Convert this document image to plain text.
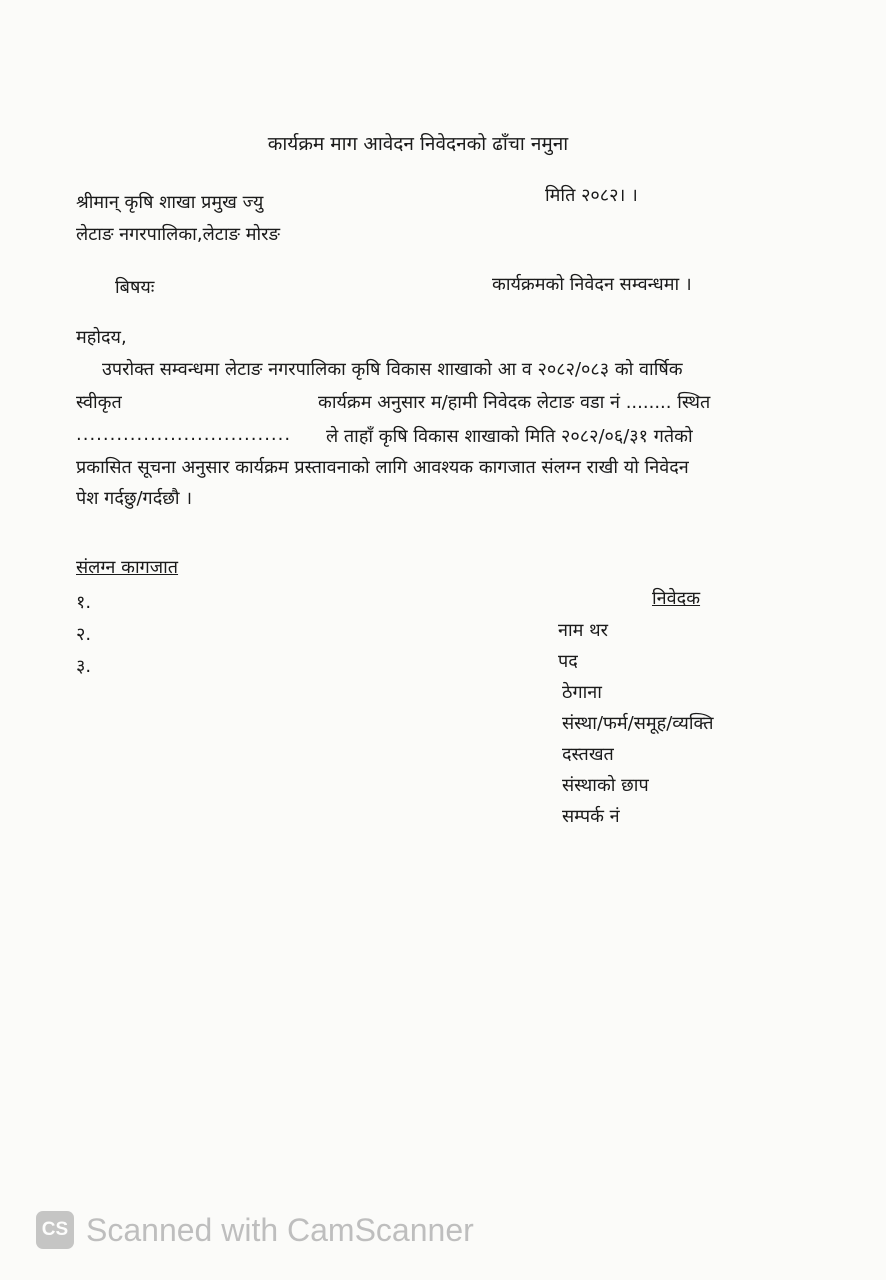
कार्यक्रम माग आवेदन निवेदनको ढाँचा नमुना
श्रीमान् कृषि शाखा प्रमुख ज्यु
लेटाङ नगरपालिका,लेटाङ मोरङ
मिति २०८२। ।
बिषयः	कार्यक्रमको निवेदन सम्वन्धमा ।
महोदय,
उपरोक्त सम्वन्धमा लेटाङ नगरपालिका कृषि विकास शाखाको आ व २०८२/०८३ को वार्षिक
स्वीकृत	कार्यक्रम अनुसार म/हामी निवेदक लेटाङ वडा नं ........ स्थित
................................ ले ताहाँ कृषि विकास शाखाको मिति २०८२/०६/३१ गतेको
प्रकासित सूचना अनुसार कार्यक्रम प्रस्तावनाको लागि आवश्यक कागजात संलग्न राखी यो निवेदन
पेश गर्दछु/गर्दछौ ।
संलग्न कागजात
१.
२.
३.
निवेदक
नाम थर
पद
ठेगाना
संस्था/फर्म/समूह/व्यक्ति
दस्तखत
संस्थाको छाप
सम्पर्क नं
CS Scanned with CamScanner
